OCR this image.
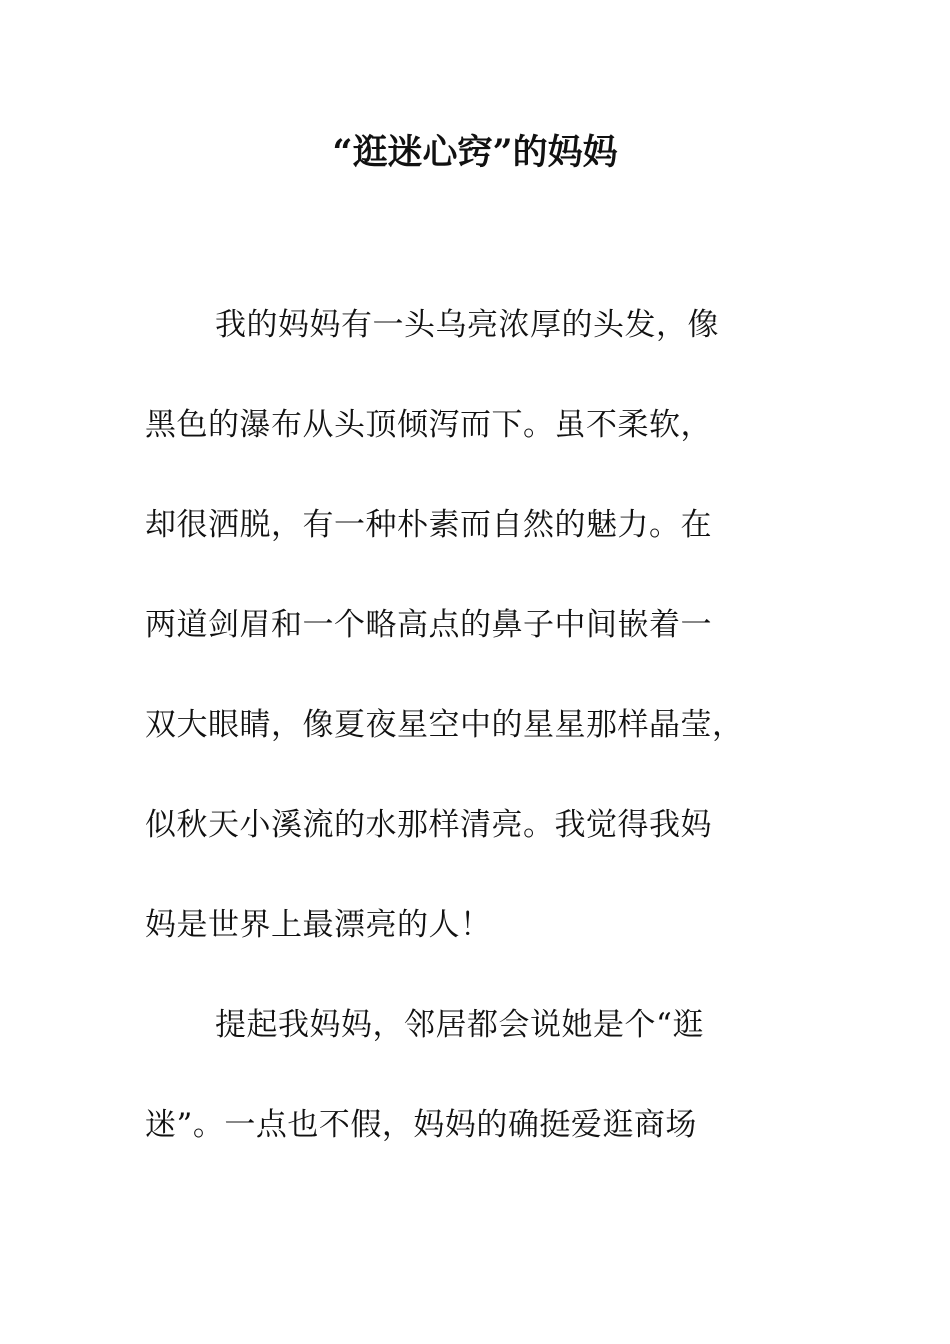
“逛迷心窍”的妈妈
我的妈妈有一头乌亮浓厚的头发，像
黑色的瀑布从头顶倾泻而下。虽不柔软，
却很洒脱，有一种朴素而自然的魅力。在
两道剑眉和一个略高点的鼻子中间嵌着一
双大眼睛，像夏夜星空中的星星那样晶莹，
似秋天小溪流的水那样清亮。我觉得我妈
妈是世界上最漂亮的人！
提起我妈妈，邻居都会说她是个“逛
迷”。一点也不假，妈妈的确挺爱逛商场
